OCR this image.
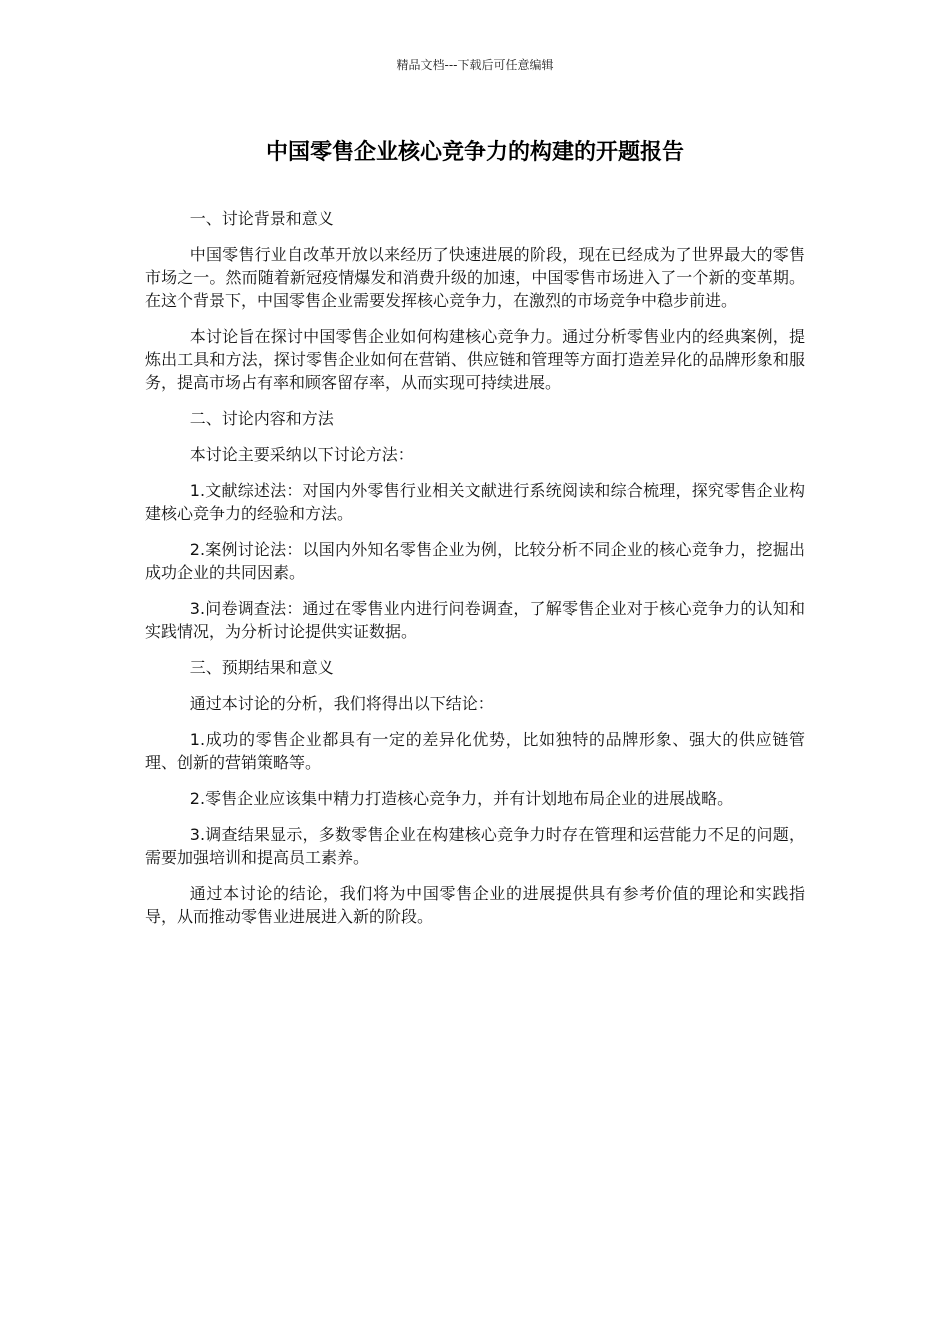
精品文档---下载后可任意编辑
中国零售企业核心竞争力的构建的开题报告

一、讨论背景和意义

中国零售行业自改革开放以来经历了快速进展的阶段，现在已经成为了世界最大的零售市场之一。然而随着新冠疫情爆发和消费升级的加速，中国零售市场进入了一个新的变革期。在这个背景下，中国零售企业需要发挥核心竞争力，在激烈的市场竞争中稳步前进。

本讨论旨在探讨中国零售企业如何构建核心竞争力。通过分析零售业内的经典案例，提炼出工具和方法，探讨零售企业如何在营销、供应链和管理等方面打造差异化的品牌形象和服务，提高市场占有率和顾客留存率，从而实现可持续进展。

二、讨论内容和方法

本讨论主要采纳以下讨论方法：

1.文献综述法：对国内外零售行业相关文献进行系统阅读和综合梳理，探究零售企业构建核心竞争力的经验和方法。

2.案例讨论法：以国内外知名零售企业为例，比较分析不同企业的核心竞争力，挖掘出成功企业的共同因素。

3.问卷调查法：通过在零售业内进行问卷调查，了解零售企业对于核心竞争力的认知和实践情况，为分析讨论提供实证数据。

三、预期结果和意义

通过本讨论的分析，我们将得出以下结论：

1.成功的零售企业都具有一定的差异化优势，比如独特的品牌形象、强大的供应链管理、创新的营销策略等。

2.零售企业应该集中精力打造核心竞争力，并有计划地布局企业的进展战略。

3.调查结果显示，多数零售企业在构建核心竞争力时存在管理和运营能力不足的问题，需要加强培训和提高员工素养。

通过本讨论的结论，我们将为中国零售企业的进展提供具有参考价值的理论和实践指导，从而推动零售业进展进入新的阶段。
